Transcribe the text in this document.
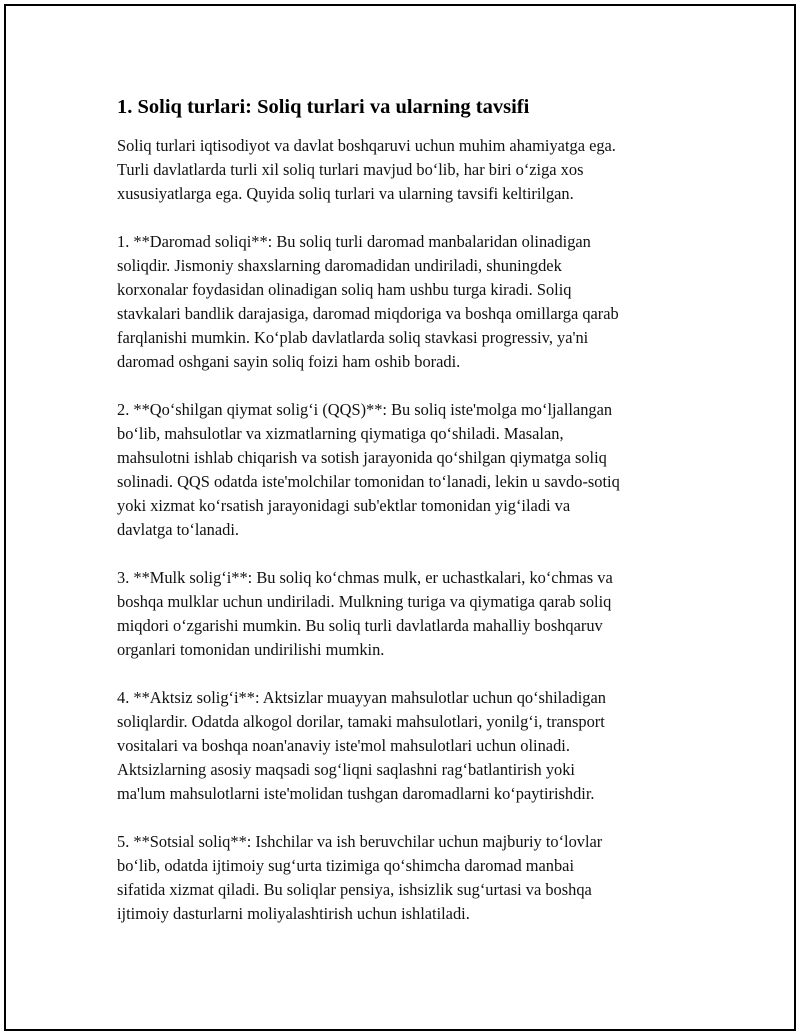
1. Soliq turlari: Soliq turlari va ularning tavsifi

Soliq turlari iqtisodiyot va davlat boshqaruvi uchun muhim ahamiyatga ega.
Turli davlatlarda turli xil soliq turlari mavjud bo‘lib, har biri o‘ziga xos
xususiyatlarga ega. Quyida soliq turlari va ularning tavsifi keltirilgan.

1. **Daromad soliqi**: Bu soliq turli daromad manbalaridan olinadigan
soliqdir. Jismoniy shaxslarning daromadidan undiriladi, shuningdek
korxonalar foydasidan olinadigan soliq ham ushbu turga kiradi. Soliq
stavkalari bandlik darajasiga, daromad miqdoriga va boshqa omillarga qarab
farqlanishi mumkin. Ko‘plab davlatlarda soliq stavkasi progressiv, ya'ni
daromad oshgani sayin soliq foizi ham oshib boradi.

2. **Qo‘shilgan qiymat solig‘i (QQS)**: Bu soliq iste'molga mo‘ljallangan
bo‘lib, mahsulotlar va xizmatlarning qiymatiga qo‘shiladi. Masalan,
mahsulotni ishlab chiqarish va sotish jarayonida qo‘shilgan qiymatga soliq
solinadi. QQS odatda iste'molchilar tomonidan to‘lanadi, lekin u savdo-sotiq
yoki xizmat ko‘rsatish jarayonidagi sub'ektlar tomonidan yig‘iladi va
davlatga to‘lanadi.

3. **Mulk solig‘i**: Bu soliq ko‘chmas mulk, er uchastkalari, ko‘chmas va
boshqa mulklar uchun undiriladi. Mulkning turiga va qiymatiga qarab soliq
miqdori o‘zgarishi mumkin. Bu soliq turli davlatlarda mahalliy boshqaruv
organlari tomonidan undirilishi mumkin.

4. **Aktsiz solig‘i**: Aktsizlar muayyan mahsulotlar uchun qo‘shiladigan
soliqlardir. Odatda alkogol dorilar, tamaki mahsulotlari, yonilg‘i, transport
vositalari va boshqa noan'anaviy iste'mol mahsulotlari uchun olinadi.
Aktsizlarning asosiy maqsadi sog‘liqni saqlashni rag‘batlantirish yoki
ma'lum mahsulotlarni iste'molidan tushgan daromadlarni ko‘paytirishdir.

5. **Sotsial soliq**: Ishchilar va ish beruvchilar uchun majburiy to‘lovlar
bo‘lib, odatda ijtimoiy sug‘urta tizimiga qo‘shimcha daromad manbai
sifatida xizmat qiladi. Bu soliqlar pensiya, ishsizlik sug‘urtasi va boshqa
ijtimoiy dasturlarni moliyalashtirish uchun ishlatiladi.
